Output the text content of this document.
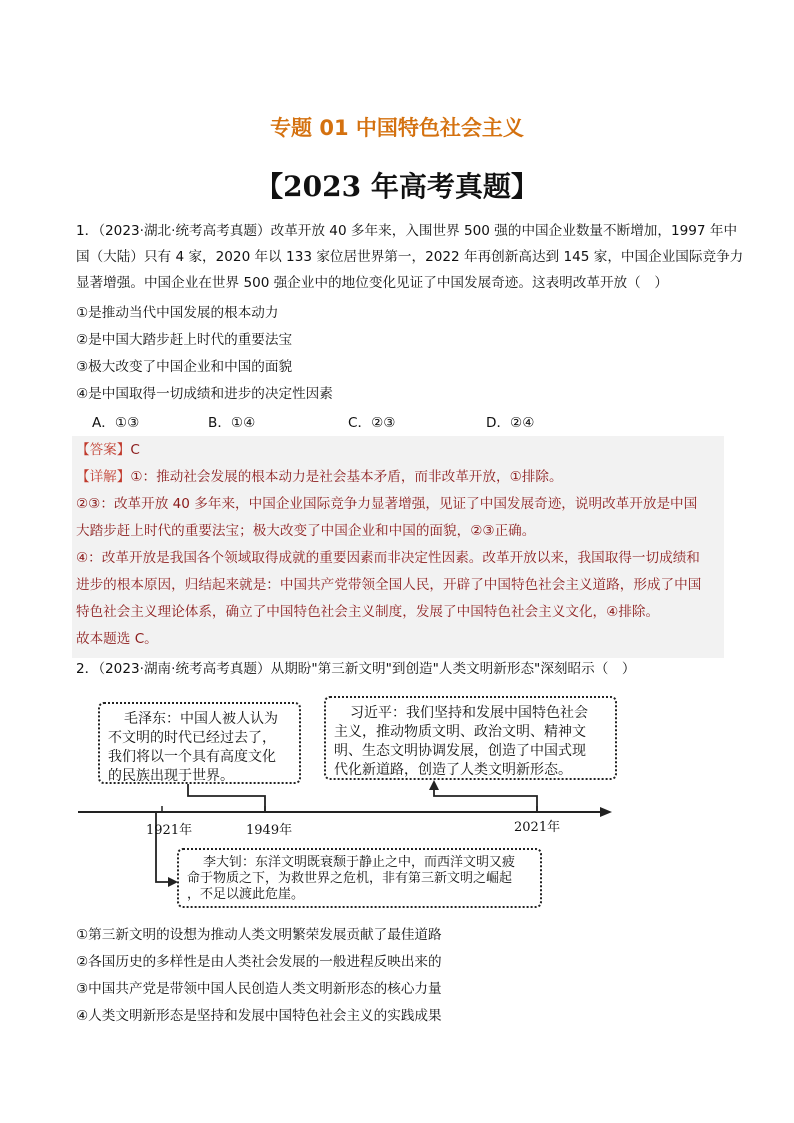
专题 01 中国特色社会主义
【2023 年高考真题】
1．（2023·湖北·统考高考真题）改革开放 40 多年来，入围世界 500 强的中国企业数量不断增加，1997 年中
国（大陆）只有 4 家，2020 年以 133 家位居世界第一，2022 年再创新高达到 145 家，中国企业国际竞争力
显著增强。中国企业在世界 500 强企业中的地位变化见证了中国发展奇迹。这表明改革开放（　）
①是推动当代中国发展的根本动力
②是中国大踏步赶上时代的重要法宝
③极大改变了中国企业和中国的面貌
④是中国取得一切成绩和进步的决定性因素
A．①③	B．①④	C．②③	D．②④
【答案】C
【详解】①：推动社会发展的根本动力是社会基本矛盾，而非改革开放，①排除。
②③：改革开放 40 多年来，中国企业国际竞争力显著增强，见证了中国发展奇迹，说明改革开放是中国
大踏步赶上时代的重要法宝；极大改变了中国企业和中国的面貌，②③正确。
④：改革开放是我国各个领域取得成就的重要因素而非决定性因素。改革开放以来，我国取得一切成绩和
进步的根本原因，归结起来就是：中国共产党带领全国人民，开辟了中国特色社会主义道路，形成了中国
特色社会主义理论体系，确立了中国特色社会主义制度，发展了中国特色社会主义文化，④排除。
故本题选 C。
2．（2023·湖南·统考高考真题）从期盼"第三新文明"到创造"人类文明新形态"深刻昭示（　）
毛泽东：中国人被人认为
不文明的时代已经过去了，
我们将以一个具有高度文化
的民族出现于世界。
习近平：我们坚持和发展中国特色社会
主义，推动物质文明、政治文明、精神文
明、生态文明协调发展，创造了中国式现
代化新道路，创造了人类文明新形态。
1921年	1949年	2021年
李大钊：东洋文明既衰颓于静止之中，而西洋文明又疲
命于物质之下，为救世界之危机，非有第三新文明之崛起
，不足以渡此危崖。
①第三新文明的设想为推动人类文明繁荣发展贡献了最佳道路
②各国历史的多样性是由人类社会发展的一般进程反映出来的
③中国共产党是带领中国人民创造人类文明新形态的核心力量
④人类文明新形态是坚持和发展中国特色社会主义的实践成果
